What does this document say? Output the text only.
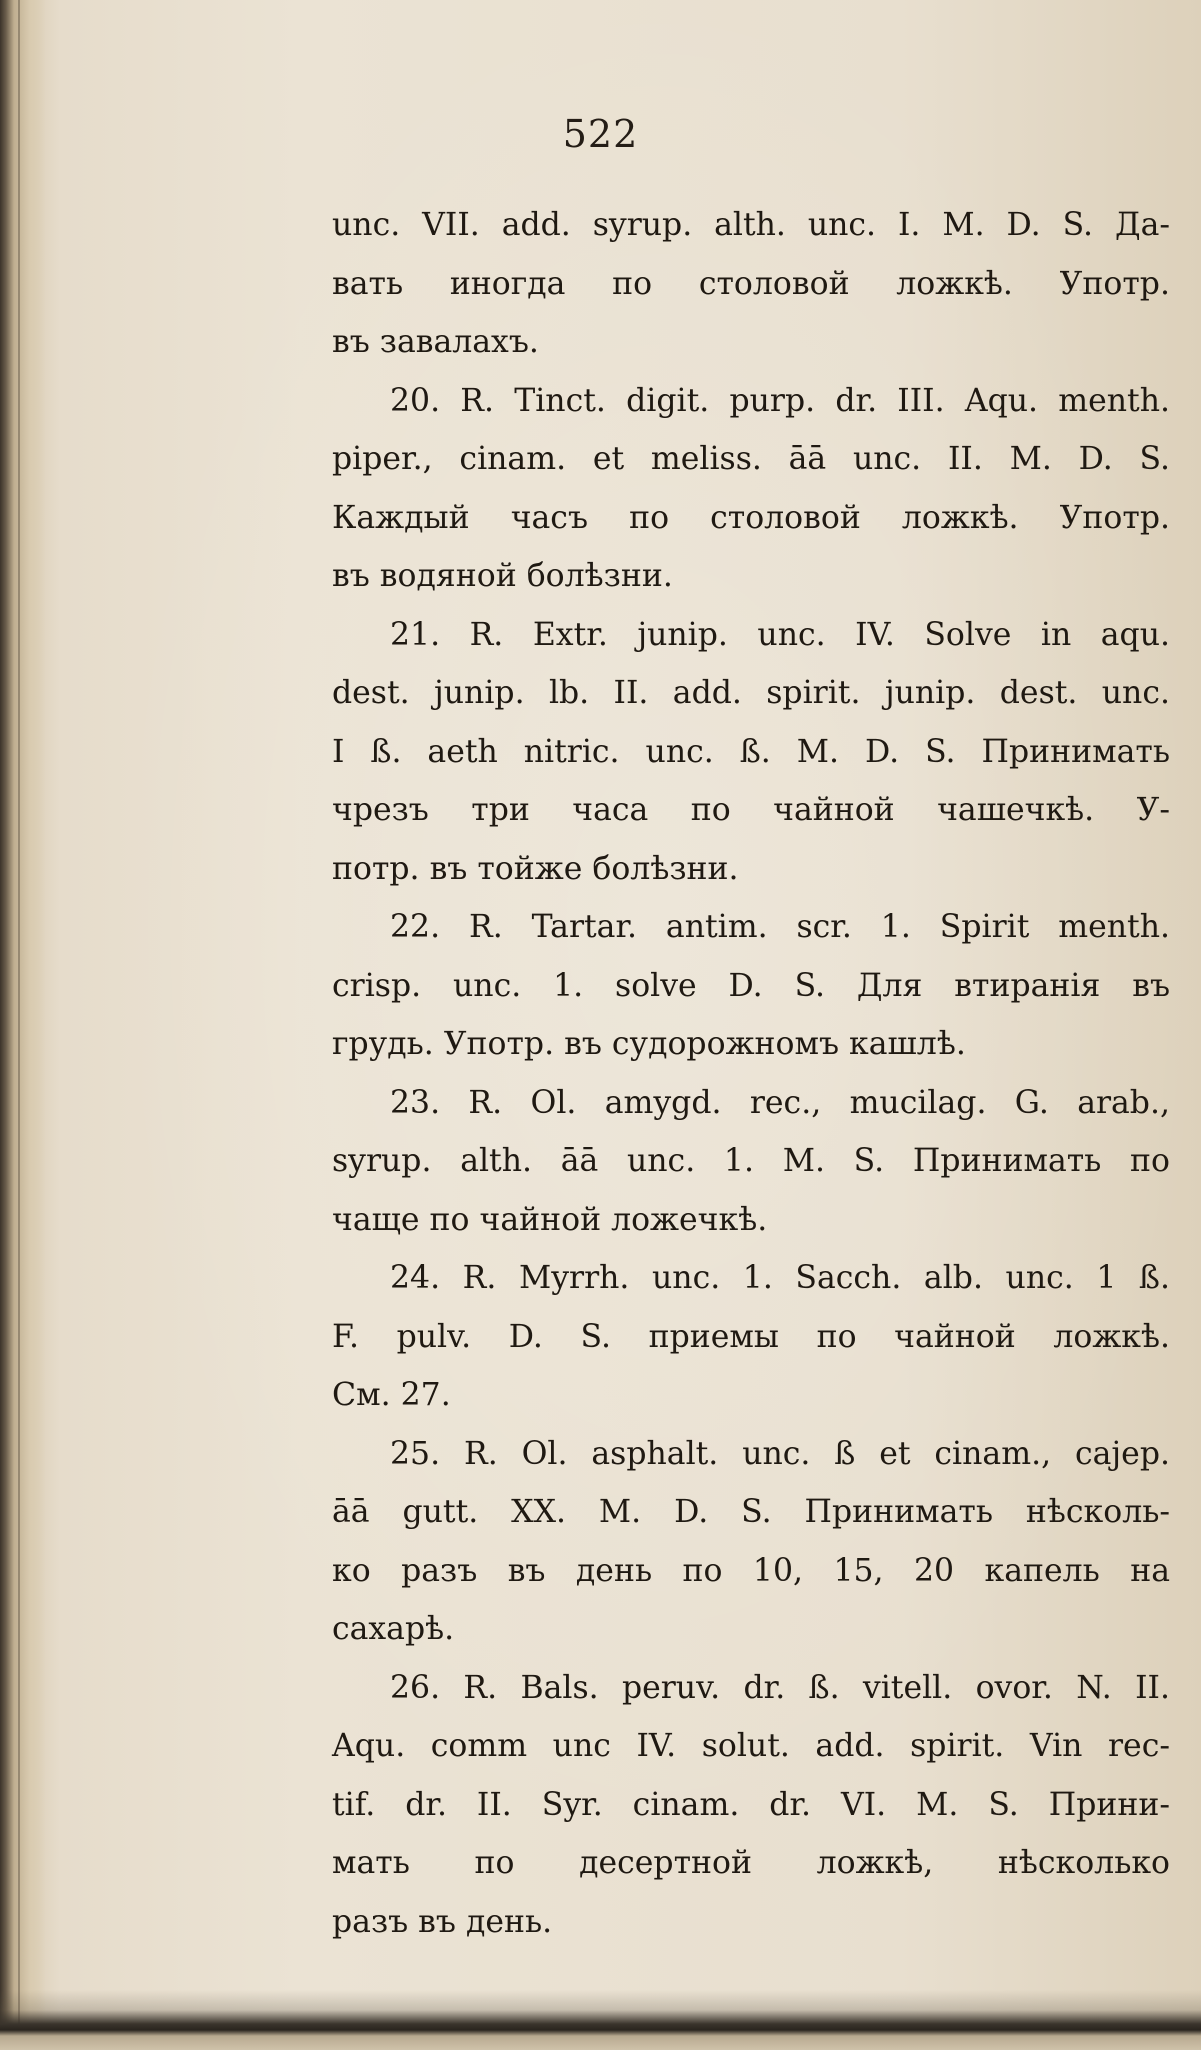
522
unc. VII. add. syrup. alth. unc. I. M. D. S. Да-
вать иногда по столовой ложкѣ. Употр.
въ завалахъ.
20. R. Tinct. digit. purp. dr. III. Aqu. menth.
piper., cinam. et meliss. āā unc. II. M. D. S.
Каждый часъ по столовой ложкѣ. Употр.
въ водяной болѣзни.
21. R. Extr. junip. unc. IV. Solve in aqu.
dest. junip. lb. II. add. spirit. junip. dest. unc.
I ß. aeth nitric. unc. ß. M. D. S. Принимать
чрезъ три часа по чайной чашечкѣ. У-
потр. въ тойже болѣзни.
22. R. Tartar. antim. scr. 1. Spirit menth.
crisp. unc. 1. solve D. S. Для втиранія въ
грудь. Употр. въ судорожномъ кашлѣ.
23. R. Ol. amygd. rec., mucilag. G. arab.,
syrup. alth. āā unc. 1. M. S. Принимать по
чаще по чайной ложечкѣ.
24. R. Myrrh. unc. 1. Sacch. alb. unc. 1 ß.
F. pulv. D. S. приемы по чайной ложкѣ.
См. 27.
25. R. Ol. asphalt. unc. ß et cinam., cajep.
āā gutt. XX. M. D. S. Принимать нѣсколь-
ко разъ въ день по 10, 15, 20 капель на
сахарѣ.
26. R. Bals. peruv. dr. ß. vitell. ovor. N. II.
Aqu. comm unc IV. solut. add. spirit. Vin rec-
tif. dr. II. Syr. cinam. dr. VI. M. S. Прини-
мать по десертной ложкѣ, нѣсколько
разъ въ день.
